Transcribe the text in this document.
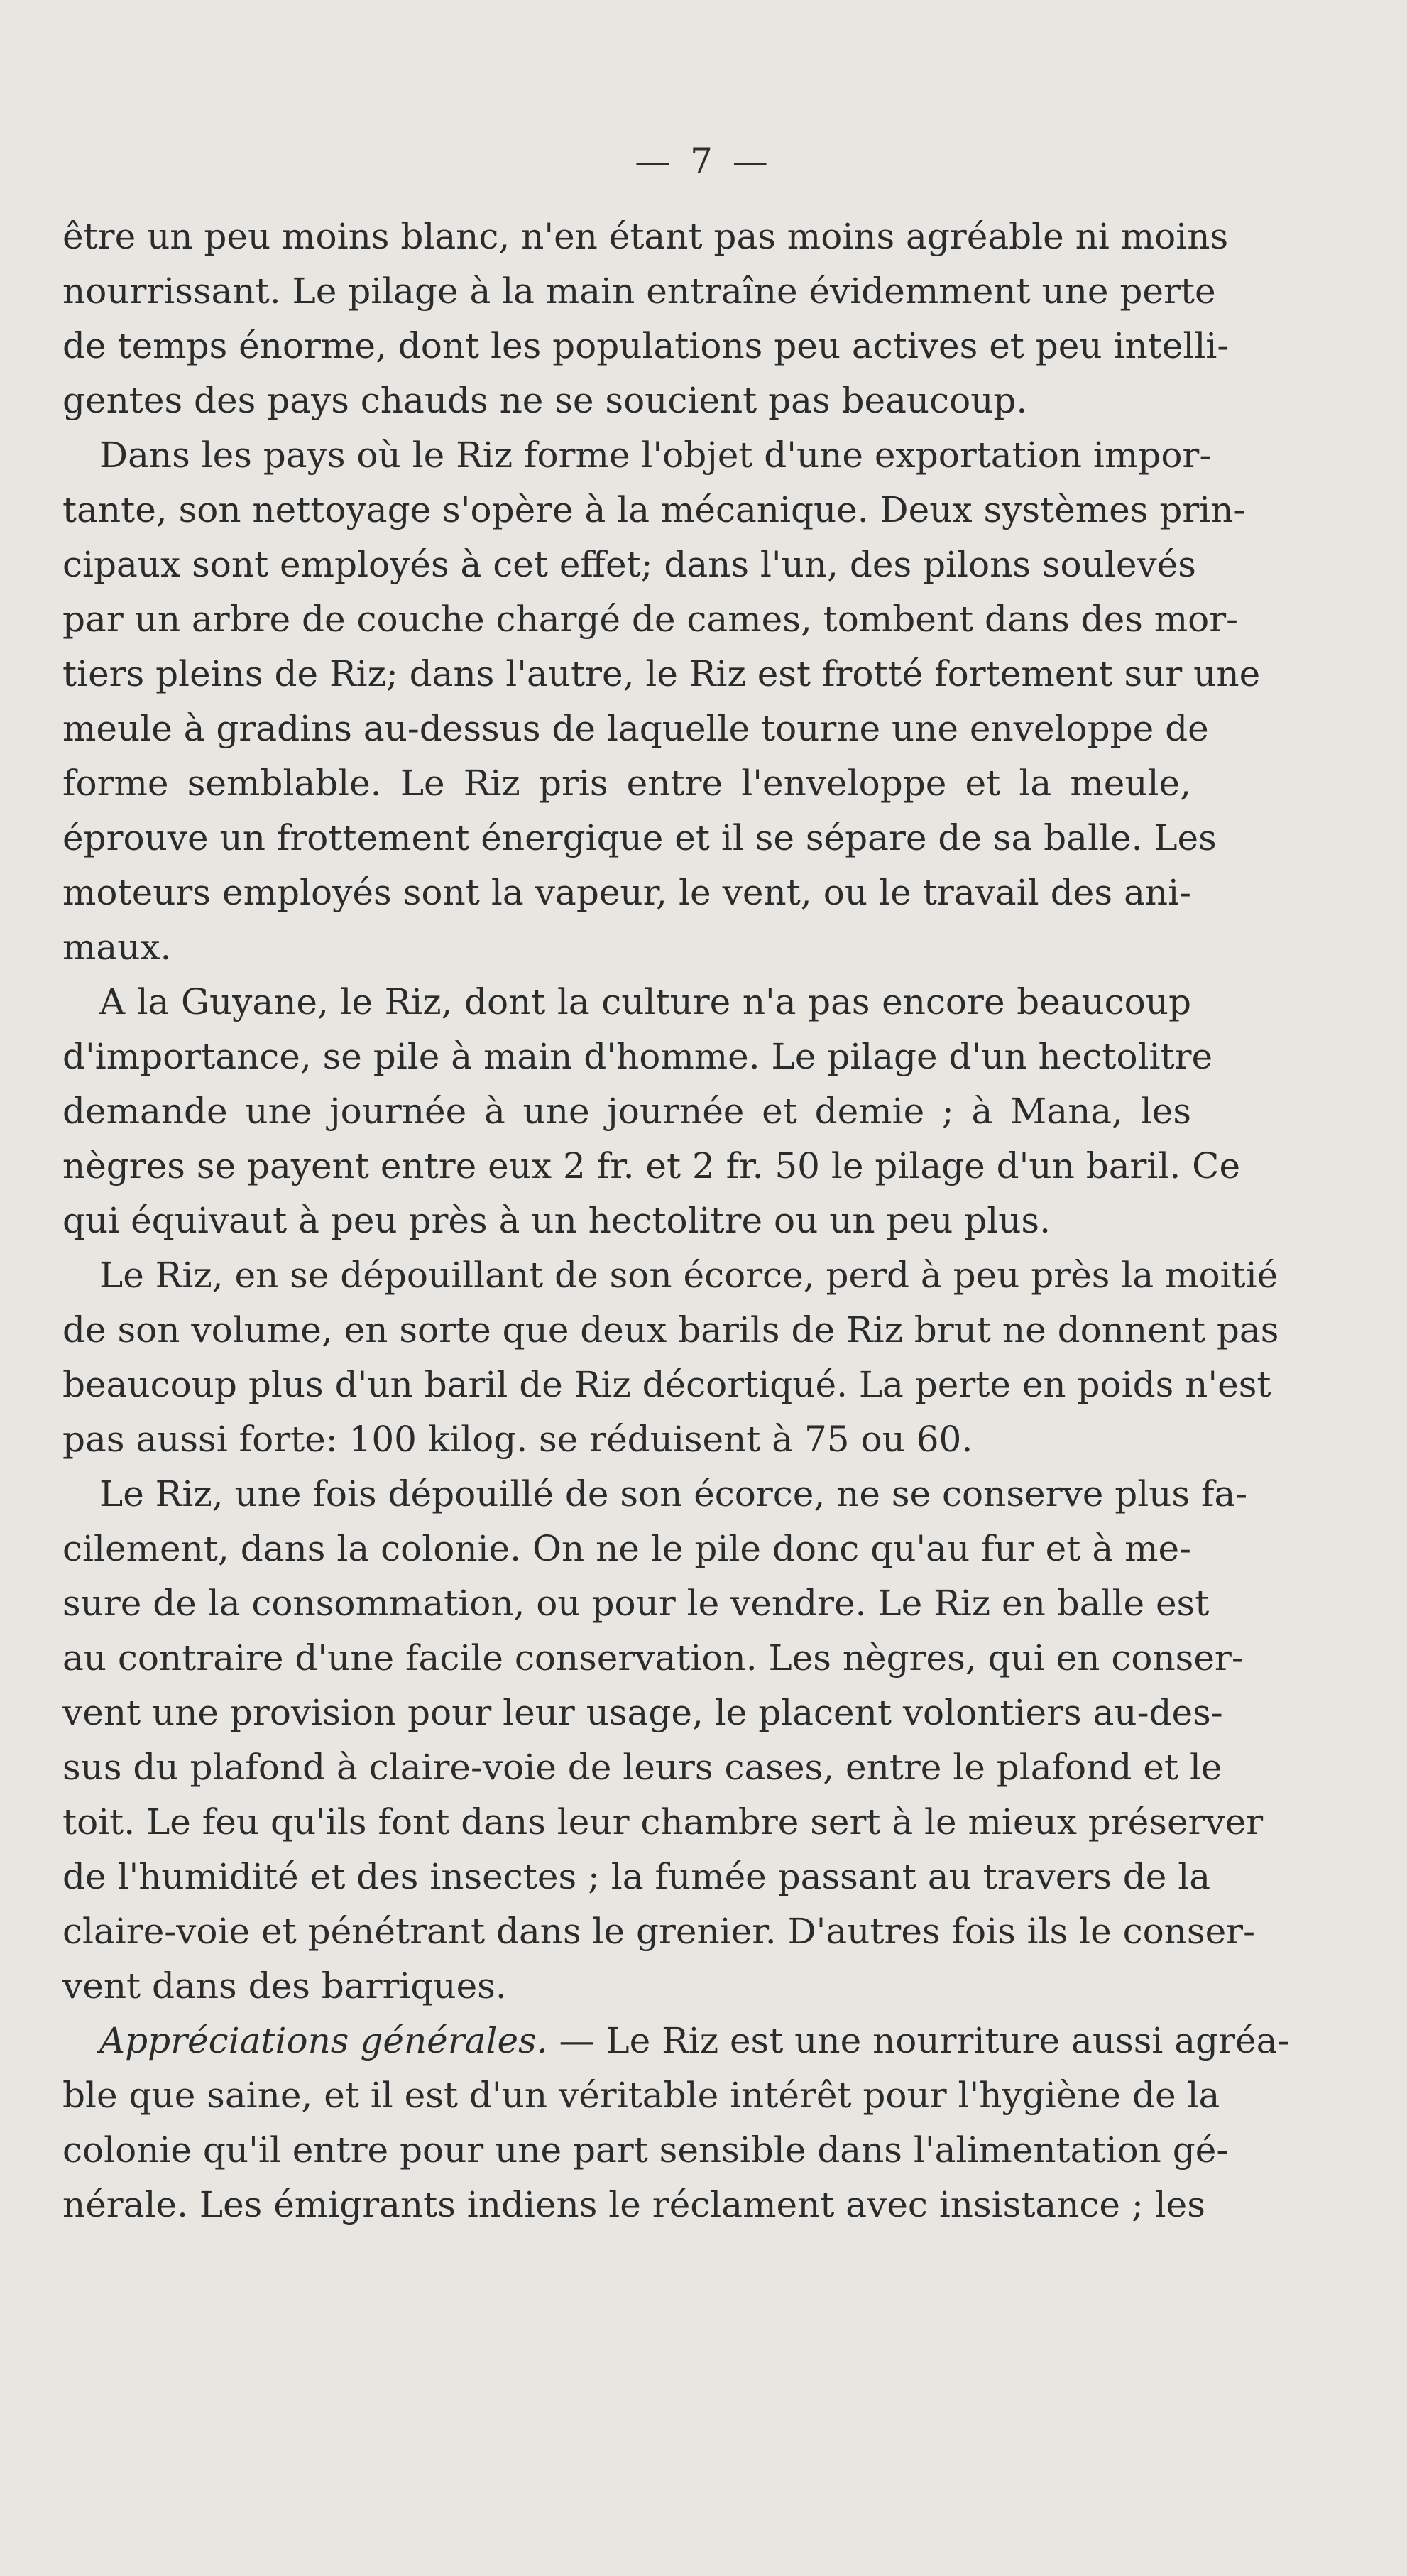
— 7 —
être un peu moins blanc, n'en étant pas moins agréable ni moins
nourrissant. Le pilage à la main entraîne évidemment une perte
de temps énorme, dont les populations peu actives et peu intelli-
gentes des pays chauds ne se soucient pas beaucoup.
Dans les pays où le Riz forme l'objet d'une exportation impor-
tante, son nettoyage s'opère à la mécanique. Deux systèmes prin-
cipaux sont employés à cet effet; dans l'un, des pilons soulevés
par un arbre de couche chargé de cames, tombent dans des mor-
tiers pleins de Riz; dans l'autre, le Riz est frotté fortement sur une
meule à gradins au-dessus de laquelle tourne une enveloppe de
forme semblable. Le Riz pris entre l'enveloppe et la meule,
éprouve un frottement énergique et il se sépare de sa balle. Les
moteurs employés sont la vapeur, le vent, ou le travail des ani-
maux.
A la Guyane, le Riz, dont la culture n'a pas encore beaucoup
d'importance, se pile à main d'homme. Le pilage d'un hectolitre
demande une journée à une journée et demie ; à Mana, les
nègres se payent entre eux 2 fr. et 2 fr. 50 le pilage d'un baril. Ce
qui équivaut à peu près à un hectolitre ou un peu plus.
Le Riz, en se dépouillant de son écorce, perd à peu près la moitié
de son volume, en sorte que deux barils de Riz brut ne donnent pas
beaucoup plus d'un baril de Riz décortiqué. La perte en poids n'est
pas aussi forte: 100 kilog. se réduisent à 75 ou 60.
Le Riz, une fois dépouillé de son écorce, ne se conserve plus fa-
cilement, dans la colonie. On ne le pile donc qu'au fur et à me-
sure de la consommation, ou pour le vendre. Le Riz en balle est
au contraire d'une facile conservation. Les nègres, qui en conser-
vent une provision pour leur usage, le placent volontiers au-des-
sus du plafond à claire-voie de leurs cases, entre le plafond et le
toit. Le feu qu'ils font dans leur chambre sert à le mieux préserver
de l'humidité et des insectes ; la fumée passant au travers de la
claire-voie et pénétrant dans le grenier. D'autres fois ils le conser-
vent dans des barriques.
Appréciations générales. — Le Riz est une nourriture aussi agréa-
ble que saine, et il est d'un véritable intérêt pour l'hygiène de la
colonie qu'il entre pour une part sensible dans l'alimentation gé-
nérale. Les émigrants indiens le réclament avec insistance ; les
